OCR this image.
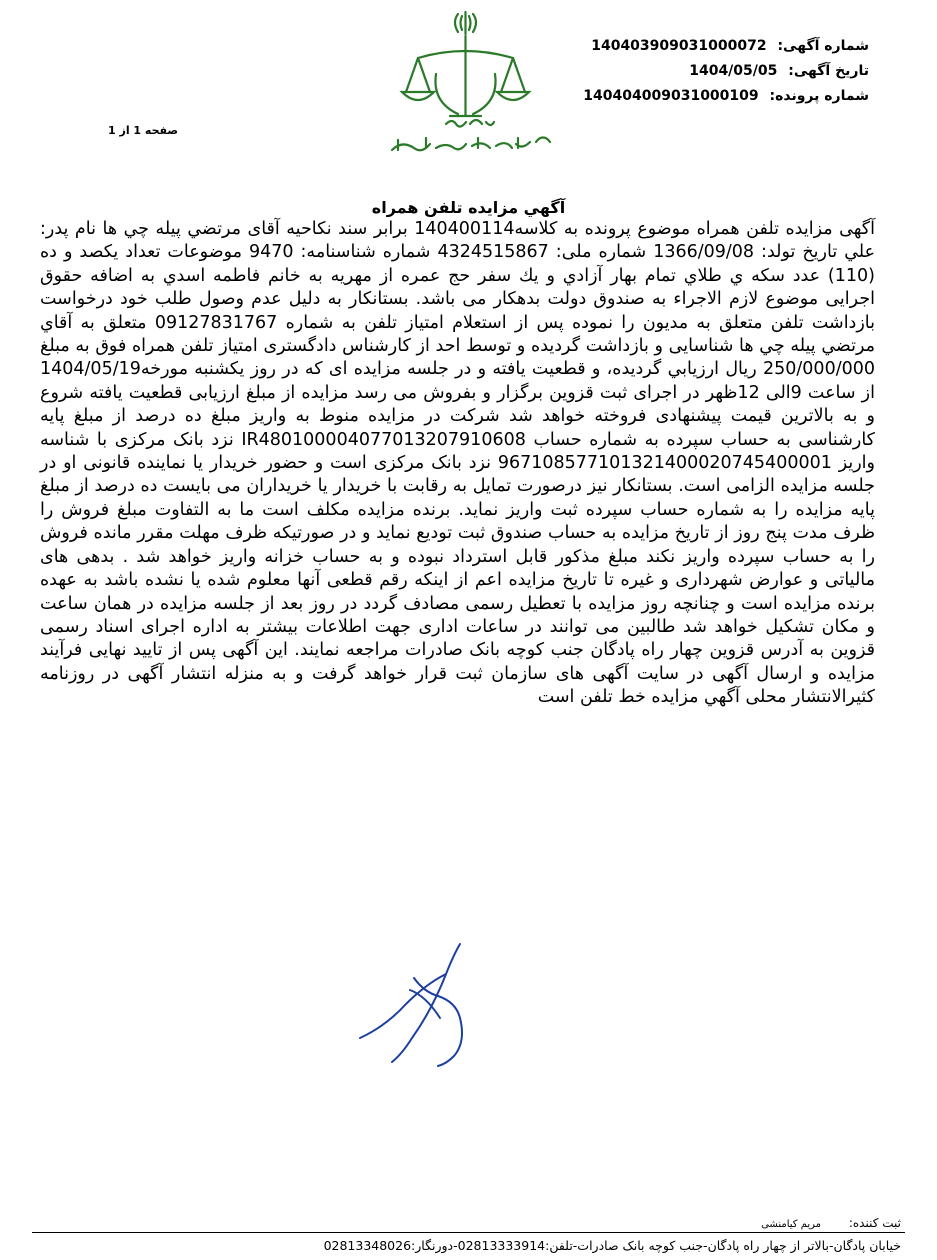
شماره آگهی: 140403909031000072
تاریخ آگهی: 1404/05/05
شماره پرونده: 140404009031000109
صفحه 1 از 1
آگهي مزايده تلفن همراه
آگهی مزایده تلفن همراه موضوع پرونده به کلاسه140400114 برابر سند نکاحیه آقای مرتضي پيله چي ها نام پدر: علي تاريخ تولد: 1366/09/08 شماره ملی: 4324515867 شماره شناسنامه: 9470 موضوعات تعداد يكصد و ده (110) عدد سكه ي طلاي تمام بهار آزادي و يك سفر حج عمره از مهريه به خانم فاطمه اسدي به اضافه حقوق اجرایی موضوع لازم الاجراء به صندوق دولت بدهکار می باشد. بستانکار به دلیل عدم وصول طلب خود درخواست بازداشت تلفن متعلق به مدیون را نموده پس از استعلام امتیاز تلفن به شماره 09127831767 متعلق به آقاي مرتضي پيله چي ها شناسایی و بازداشت گردیده و توسط احد از کارشناس دادگستری امتیاز تلفن همراه فوق به مبلغ 250/000/000 ريال ارزيابي گرديده، و قطعيت يافته و در جلسه مزایده ای که در روز يكشنبه مورخه1404/05/19 از ساعت 9الی 12ظهر در اجرای ثبت قزوين برگزار و بفروش می رسد مزایده از مبلغ ارزیابی قطعیت یافته شروع و به بالاترین قیمت پیشنهادی فروخته خواهد شد شرکت در مزایده منوط به واریز مبلغ ده درصد از مبلغ پایه کارشناسی به حساب سپرده به شماره حساب IR480100004077013207910608 نزد بانک مرکزی با شناسه واریز 967108577101321400020745400001 نزد بانک مرکزی است و حضور خریدار یا نماینده قانونی او در جلسه مزایده الزامی است. بستانکار نیز درصورت تمایل به رقابت با خریدار یا خریداران می بایست ده درصد از مبلغ پایه مزایده را به شماره حساب سپرده ثبت واریز نماید. برنده مزایده مکلف است ما به التفاوت مبلغ فروش را ظرف مدت پنج روز از تاریخ مزایده به حساب صندوق ثبت تودیع نماید و در صورتیکه ظرف مهلت مقرر مانده فروش را به حساب سپرده واریز نکند مبلغ مذکور قابل استرداد نبوده و به حساب خزانه واریز خواهد شد . بدهی های مالیاتی و عوارض شهرداری و غیره تا تاریخ مزایده اعم از اینکه رقم قطعی آنها معلوم شده یا نشده باشد به عهده برنده مزایده است و چنانچه روز مزایده با تعطیل رسمی مصادف گردد در روز بعد از جلسه مزایده در همان ساعت و مکان تشکیل خواهد شد طالبین می توانند در ساعات اداری جهت اطلاعات بیشتر به اداره اجرای اسناد رسمی قزوین به آدرس قزوين چهار راه پادگان جنب کوچه بانک صادرات مراجعه نمایند. این آگهی پس از تایید نهایی فرآیند مزایده و ارسال آگهی در سایت آگهی های سازمان ثبت قرار خواهد گرفت و به منزله انتشار آگهی در روزنامه كثيرالانتشار محلی آگهي مزايده خط تلفن است
ثبت کننده: مریم کیامنشی
خیابان پادگان-بالاتر از چهار راه پادگان-جنب کوچه بانک صادرات-تلفن:02813333914-دورنگار:02813348026
